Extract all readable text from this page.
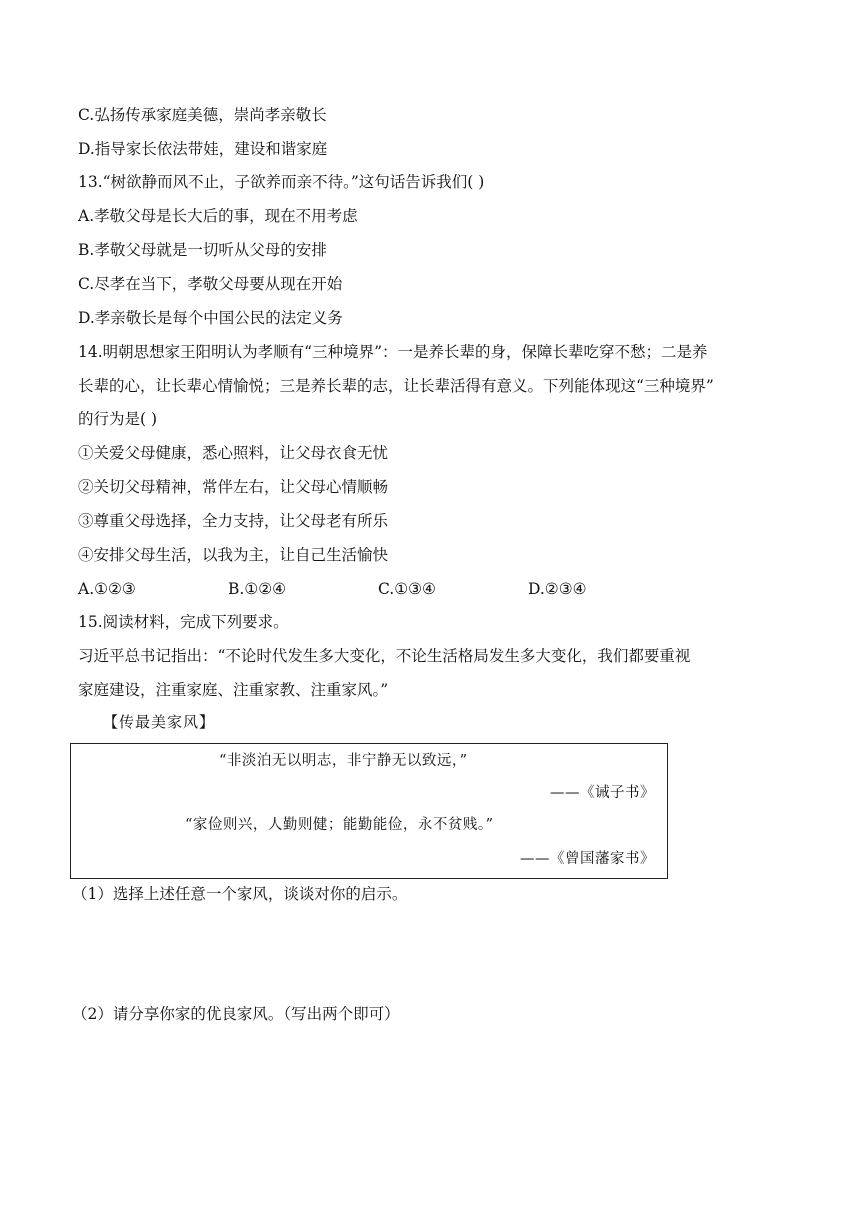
C.弘扬传承家庭美德，崇尚孝亲敬长
D.指导家长依法带娃，建设和谐家庭
13.“树欲静而风不止，子欲养而亲不待。”这句话告诉我们( )
A.孝敬父母是长大后的事，现在不用考虑
B.孝敬父母就是一切听从父母的安排
C.尽孝在当下，孝敬父母要从现在开始
D.孝亲敬长是每个中国公民的法定义务
14.明朝思想家王阳明认为孝顺有“三种境界”：一是养长辈的身，保障长辈吃穿不愁；二是养
长辈的心，让长辈心情愉悦；三是养长辈的志，让长辈活得有意义。下列能体现这“三种境界”
的行为是( )
①关爱父母健康，悉心照料，让父母衣食无忧
②关切父母精神，常伴左右，让父母心情顺畅
③尊重父母选择，全力支持，让父母老有所乐
④安排父母生活，以我为主，让自己生活愉快
A.①②③	B.①②④	C.①③④	D.②③④
15.阅读材料，完成下列要求。
习近平总书记指出：“不论时代发生多大变化，不论生活格局发生多大变化，我们都要重视
家庭建设，注重家庭、注重家教、注重家风。”
【传最美家风】
“非淡泊无以明志，非宁静无以致远，”
——《诫子书》
“家俭则兴，人勤则健；能勤能俭，永不贫贱。”
——《曾国藩家书》
（1）选择上述任意一个家风，谈谈对你的启示。
（2）请分享你家的优良家风。（写出两个即可）
